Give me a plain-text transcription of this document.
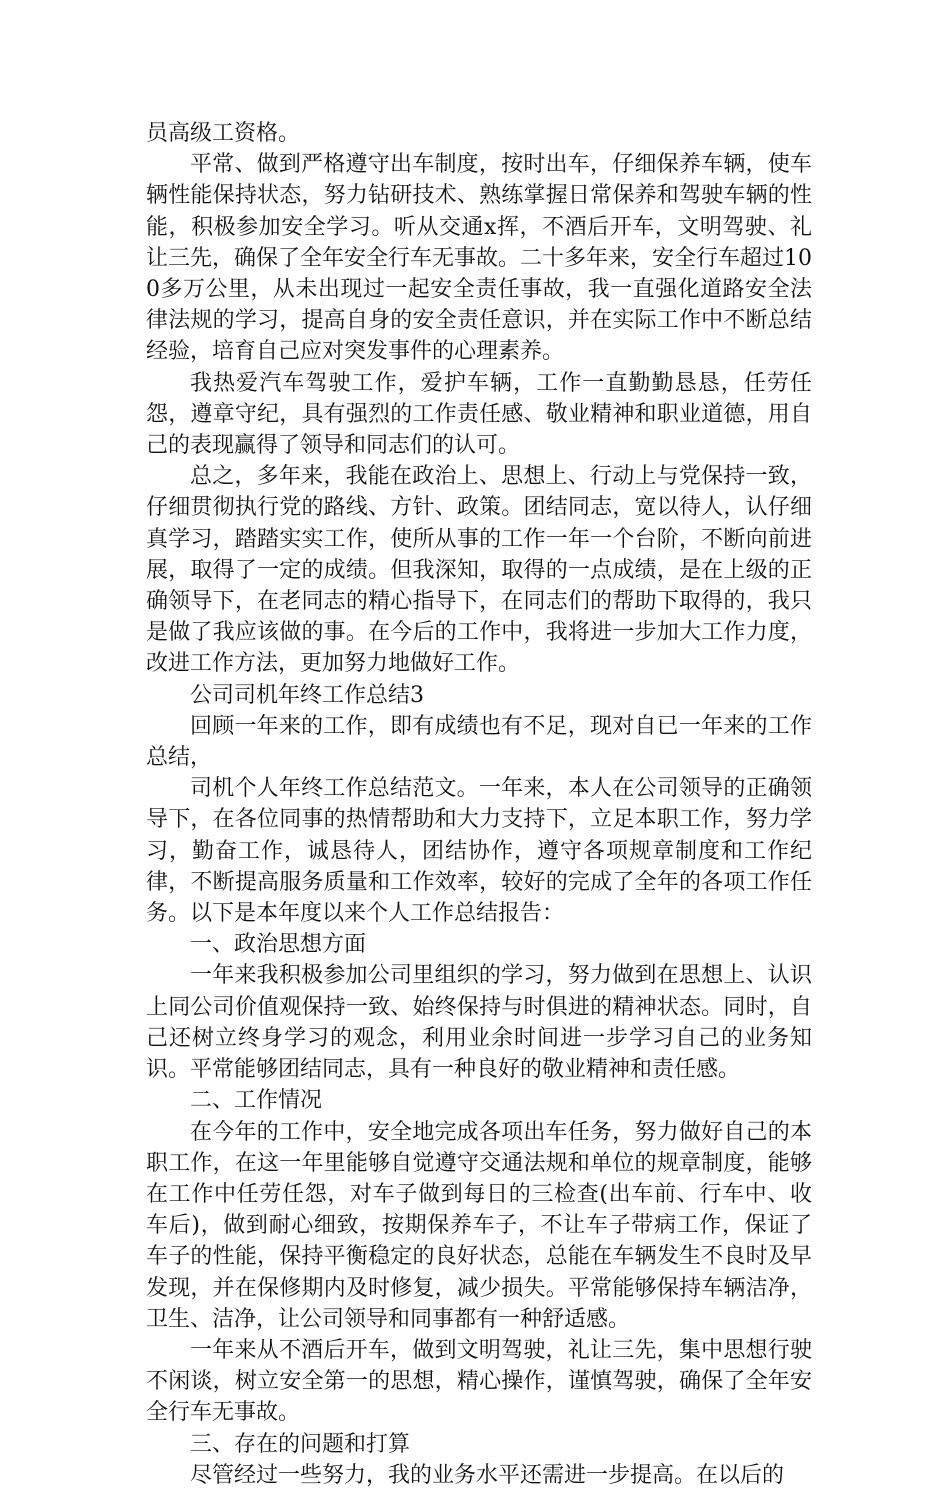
员高级工资格。

平常、做到严格遵守出车制度，按时出车，仔细保养车辆，使车辆性能保持状态，努力钻研技术、熟练掌握日常保养和驾驶车辆的性能，积极参加安全学习。听从交通x挥，不酒后开车，文明驾驶、礼让三先，确保了全年安全行车无事故。二十多年来，安全行车超过100多万公里，从未出现过一起安全责任事故，我一直强化道路安全法律法规的学习，提高自身的安全责任意识，并在实际工作中不断总结经验，培育自己应对突发事件的心理素养。

我热爱汽车驾驶工作，爱护车辆，工作一直勤勤恳恳，任劳任怨，遵章守纪，具有强烈的工作责任感、敬业精神和职业道德，用自己的表现赢得了领导和同志们的认可。

总之，多年来，我能在政治上、思想上、行动上与党保持一致，仔细贯彻执行党的路线、方针、政策。团结同志，宽以待人，认仔细真学习，踏踏实实工作，使所从事的工作一年一个台阶，不断向前进展，取得了一定的成绩。但我深知，取得的一点成绩，是在上级的正确领导下，在老同志的精心指导下，在同志们的帮助下取得的，我只是做了我应该做的事。在今后的工作中，我将进一步加大工作力度，改进工作方法，更加努力地做好工作。

公司司机年终工作总结3

回顾一年来的工作，即有成绩也有不足，现对自已一年来的工作总结，

司机个人年终工作总结范文。一年来，本人在公司领导的正确领导下，在各位同事的热情帮助和大力支持下，立足本职工作，努力学习，勤奋工作，诚恳待人，团结协作，遵守各项规章制度和工作纪律，不断提高服务质量和工作效率，较好的完成了全年的各项工作任务。以下是本年度以来个人工作总结报告：

一、政治思想方面

一年来我积极参加公司里组织的学习，努力做到在思想上、认识上同公司价值观保持一致、始终保持与时俱进的精神状态。同时，自己还树立终身学习的观念，利用业余时间进一步学习自己的业务知识。平常能够团结同志，具有一种良好的敬业精神和责任感。

二、工作情况

在今年的工作中，安全地完成各项出车任务，努力做好自己的本职工作，在这一年里能够自觉遵守交通法规和单位的规章制度，能够在工作中任劳任怨，对车子做到每日的三检查(出车前、行车中、收车后)，做到耐心细致，按期保养车子，不让车子带病工作，保证了车子的性能，保持平衡稳定的良好状态，总能在车辆发生不良时及早发现，并在保修期内及时修复，减少损失。平常能够保持车辆洁净，卫生、洁净，让公司领导和同事都有一种舒适感。

一年来从不酒后开车，做到文明驾驶，礼让三先，集中思想行驶不闲谈，树立安全第一的思想，精心操作，谨慎驾驶，确保了全年安全行车无事故。

三、存在的问题和打算

尽管经过一些努力，我的业务水平还需进一步提高。在以后的
